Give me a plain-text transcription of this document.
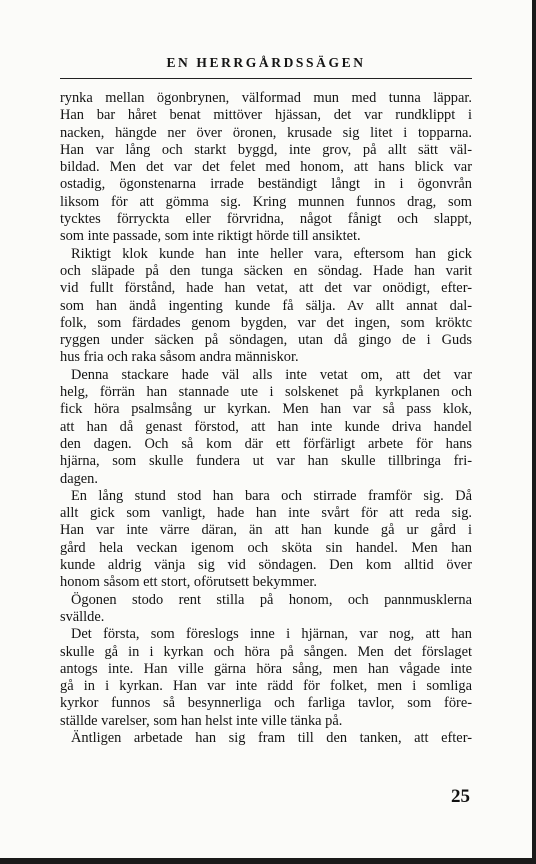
EN HERRGÅRDSSÄGEN
rynka mellan ögonbrynen, välformad mun med tunna läppar.
Han bar håret benat mittöver hjässan, det var rundklippt i
nacken, hängde ner över öronen, krusade sig litet i topparna.
Han var lång och starkt byggd, inte grov, på allt sätt väl-
bildad. Men det var det felet med honom, att hans blick var
ostadig, ögonstenarna irrade beständigt långt in i ögonvrån
liksom för att gömma sig. Kring munnen funnos drag, som
tycktes förryckta eller förvridna, något fånigt och slappt,
som inte passade, som inte riktigt hörde till ansiktet.
Riktigt klok kunde han inte heller vara, eftersom han gick
och släpade på den tunga säcken en söndag. Hade han varit
vid fullt förstånd, hade han vetat, att det var onödigt, efter-
som han ändå ingenting kunde få sälja. Av allt annat dal-
folk, som färdades genom bygden, var det ingen, som kröktc
ryggen under säcken på söndagen, utan då gingo de i Guds
hus fria och raka såsom andra människor.
Denna stackare hade väl alls inte vetat om, att det var
helg, förrän han stannade ute i solskenet på kyrkplanen och
fick höra psalmsång ur kyrkan. Men han var så pass klok,
att han då genast förstod, att han inte kunde driva handel
den dagen. Och så kom där ett förfärligt arbete för hans
hjärna, som skulle fundera ut var han skulle tillbringa fri-
dagen.
En lång stund stod han bara och stirrade framför sig. Då
allt gick som vanligt, hade han inte svårt för att reda sig.
Han var inte värre däran, än att han kunde gå ur gård i
gård hela veckan igenom och sköta sin handel. Men han
kunde aldrig vänja sig vid söndagen. Den kom alltid över
honom såsom ett stort, oförutsett bekymmer.
Ögonen stodo rent stilla på honom, och pannmusklerna
svällde.
Det första, som föreslogs inne i hjärnan, var nog, att han
skulle gå in i kyrkan och höra på sången. Men det förslaget
antogs inte. Han ville gärna höra sång, men han vågade inte
gå in i kyrkan. Han var inte rädd för folket, men i somliga
kyrkor funnos så besynnerliga och farliga tavlor, som före-
ställde varelser, som han helst inte ville tänka på.
Äntligen arbetade han sig fram till den tanken, att efter-
25
